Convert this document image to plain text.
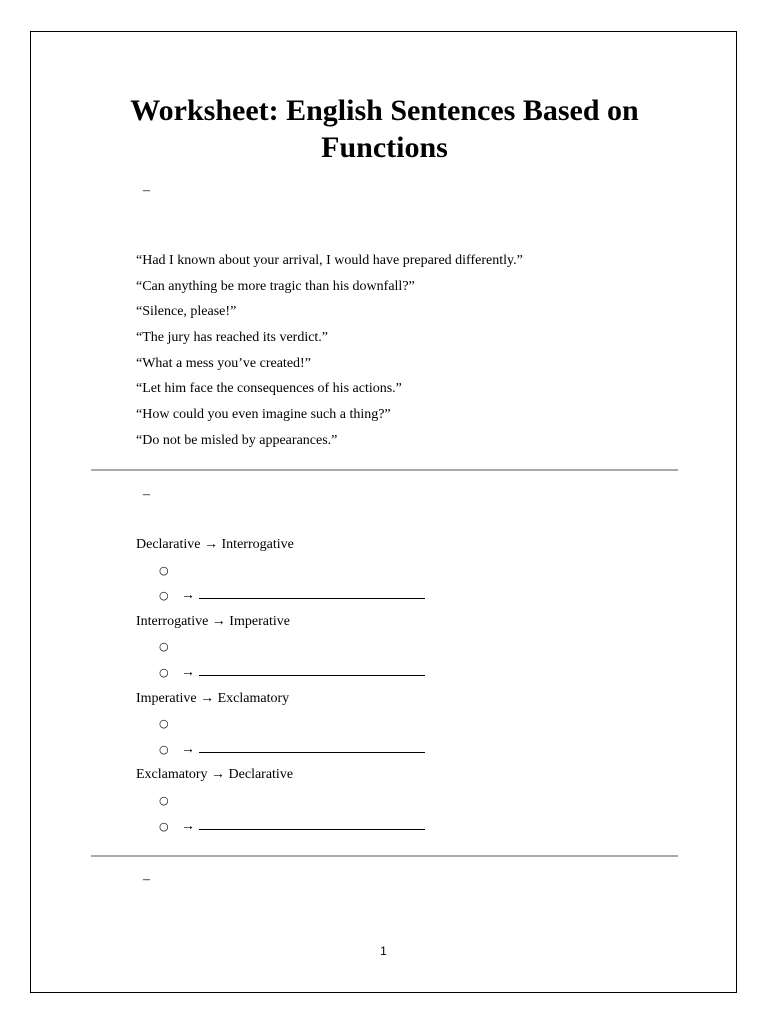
Worksheet: English Sentences Based on Functions
–
“Had I known about your arrival, I would have prepared differently.”
“Can anything be more tragic than his downfall?”
“Silence, please!”
“The jury has reached its verdict.”
“What a mess you’ve created!”
“Let him face the consequences of his actions.”
“How could you even imagine such a thing?”
“Do not be misled by appearances.”
–
Declarative → Interrogative
○
○ →
Interrogative → Imperative
○
○ →
Imperative → Exclamatory
○
○ →
Exclamatory → Declarative
○
○ →
–
1
